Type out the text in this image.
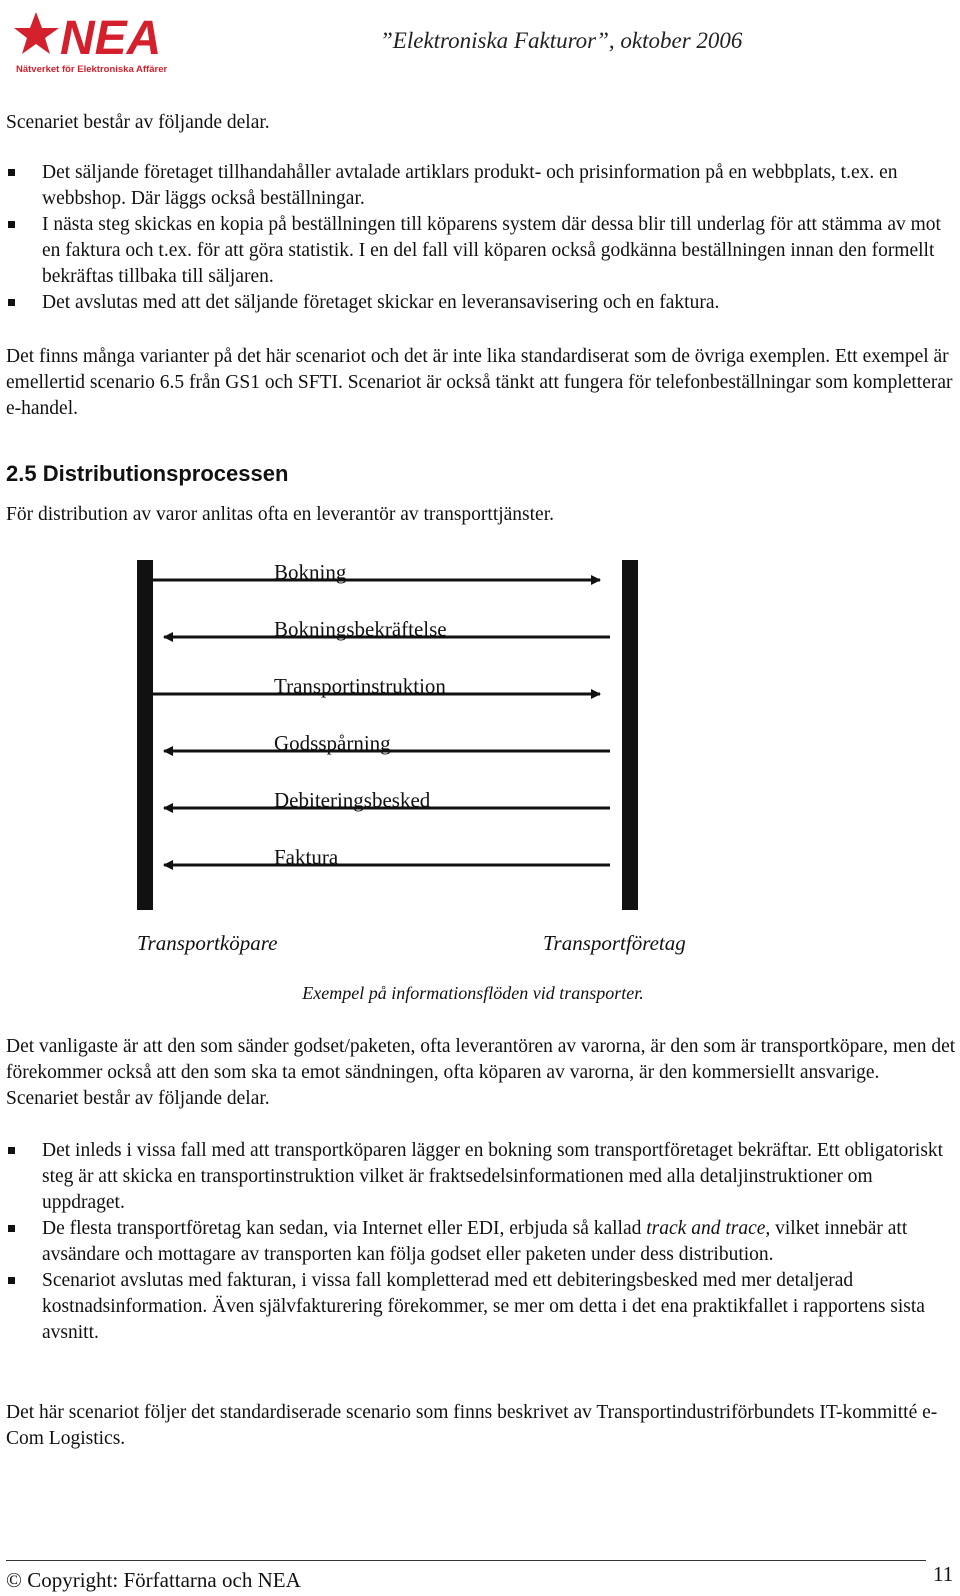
NEA
Nätverket för Elektroniska Affärer
”Elektroniska Fakturor”, oktober 2006
Scenariet består av följande delar.
Det säljande företaget tillhandahåller avtalade artiklars produkt- och prisinformation på en webbplats, t.ex. en webbshop. Där läggs också beställningar.
I nästa steg skickas en kopia på beställningen till köparens system där dessa blir till underlag för att stämma av mot en faktura och t.ex. för att göra statistik. I en del fall vill köparen också godkänna beställningen innan den formellt bekräftas tillbaka till säljaren.
Det avslutas med att det säljande företaget skickar en leveransavisering och en faktura.
Det finns många varianter på det här scenariot och det är inte lika standardiserat som de övriga exemplen. Ett exempel är emellertid scenario 6.5 från GS1 och SFTI. Scenariot är också tänkt att fungera för telefonbeställningar som kompletterar e-handel.
2.5 Distributionsprocessen
För distribution av varor anlitas ofta en leverantör av transporttjänster.
Bokning
Bokningsbekräftelse
Transportinstruktion
Godsspårning
Debiteringsbesked
Faktura
Transportköpare	Transportföretag
Exempel på informationsflöden vid transporter.
Det vanligaste är att den som sänder godset/paketen, ofta leverantören av varorna, är den som är transportköpare, men det förekommer också att den som ska ta emot sändningen, ofta köparen av varorna, är den kommersiellt ansvarige. Scenariet består av följande delar.
Det inleds i vissa fall med att transportköparen lägger en bokning som transportföretaget bekräftar. Ett obligatoriskt steg är att skicka en transportinstruktion vilket är fraktsedelsinformationen med alla detaljinstruktioner om uppdraget.
De flesta transportföretag kan sedan, via Internet eller EDI, erbjuda så kallad track and trace, vilket innebär att avsändare och mottagare av transporten kan följa godset eller paketen under dess distribution.
Scenariot avslutas med fakturan, i vissa fall kompletterad med ett debiteringsbesked med mer detaljerad kostnadsinformation. Även självfakturering förekommer, se mer om detta i det ena praktikfallet i rapportens sista avsnitt.
Det här scenariot följer det standardiserade scenario som finns beskrivet av Transportindustriförbundets IT-kommitté e-Com Logistics.
© Copyright: Författarna och NEA	11
